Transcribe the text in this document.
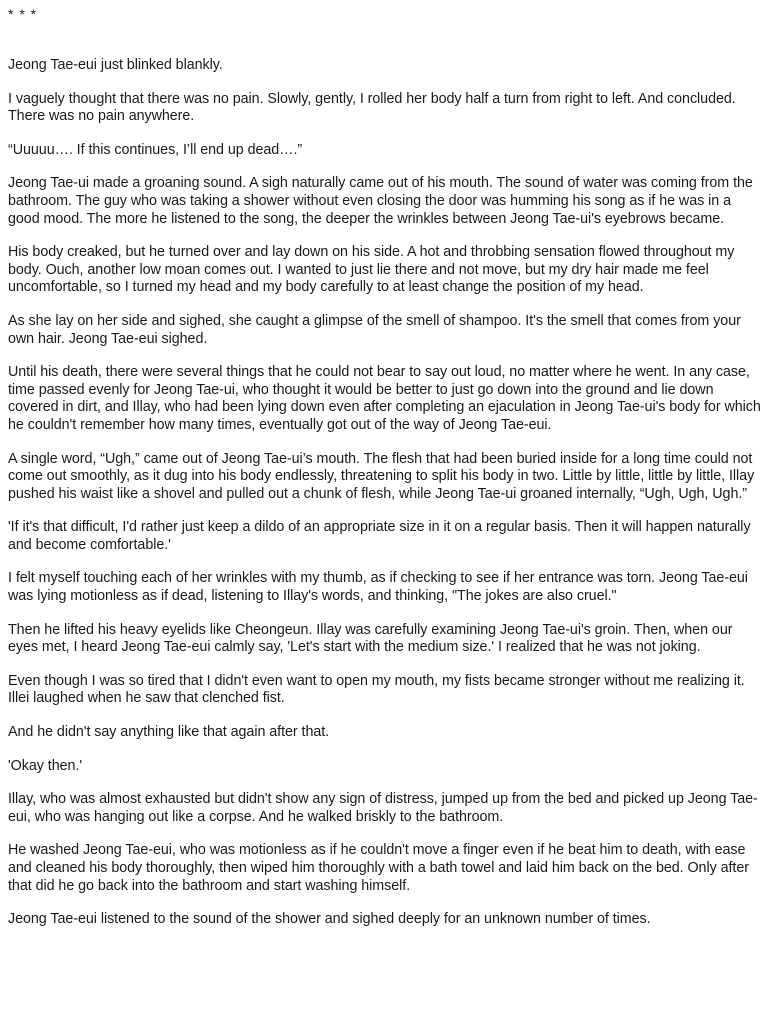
* * *

Jeong Tae-eui just blinked blankly.

I vaguely thought that there was no pain. Slowly, gently, I rolled her body half a turn from right to left. And concluded. There was no pain anywhere.

“Uuuuu…. If this continues, I’ll end up dead….”

Jeong Tae-ui made a groaning sound. A sigh naturally came out of his mouth. The sound of water was coming from the bathroom. The guy who was taking a shower without even closing the door was humming his song as if he was in a good mood. The more he listened to the song, the deeper the wrinkles between Jeong Tae-ui's eyebrows became.

His body creaked, but he turned over and lay down on his side. A hot and throbbing sensation flowed throughout my body. Ouch, another low moan comes out. I wanted to just lie there and not move, but my dry hair made me feel uncomfortable, so I turned my head and my body carefully to at least change the position of my head.

As she lay on her side and sighed, she caught a glimpse of the smell of shampoo. It's the smell that comes from your own hair. Jeong Tae-eui sighed.

Until his death, there were several things that he could not bear to say out loud, no matter where he went. In any case, time passed evenly for Jeong Tae-ui, who thought it would be better to just go down into the ground and lie down covered in dirt, and Illay, who had been lying down even after completing an ejaculation in Jeong Tae-ui's body for which he couldn't remember how many times, eventually got out of the way of Jeong Tae-eui.

A single word, “Ugh,” came out of Jeong Tae-ui’s mouth. The flesh that had been buried inside for a long time could not come out smoothly, as it dug into his body endlessly, threatening to split his body in two. Little by little, little by little, Illay pushed his waist like a shovel and pulled out a chunk of flesh, while Jeong Tae-ui groaned internally, “Ugh, Ugh, Ugh.”

'If it's that difficult, I'd rather just keep a dildo of an appropriate size in it on a regular basis. Then it will happen naturally and become comfortable.'

I felt myself touching each of her wrinkles with my thumb, as if checking to see if her entrance was torn. Jeong Tae-eui was lying motionless as if dead, listening to Illay's words, and thinking, "The jokes are also cruel."

Then he lifted his heavy eyelids like Cheongeun. Illay was carefully examining Jeong Tae-ui's groin. Then, when our eyes met, I heard Jeong Tae-eui calmly say, 'Let's start with the medium size.' I realized that he was not joking.

Even though I was so tired that I didn't even want to open my mouth, my fists became stronger without me realizing it. Illei laughed when he saw that clenched fist.

And he didn't say anything like that again after that.

'Okay then.'

Illay, who was almost exhausted but didn't show any sign of distress, jumped up from the bed and picked up Jeong Tae-eui, who was hanging out like a corpse. And he walked briskly to the bathroom.

He washed Jeong Tae-eui, who was motionless as if he couldn't move a finger even if he beat him to death, with ease and cleaned his body thoroughly, then wiped him thoroughly with a bath towel and laid him back on the bed. Only after that did he go back into the bathroom and start washing himself.

Jeong Tae-eui listened to the sound of the shower and sighed deeply for an unknown number of times.
